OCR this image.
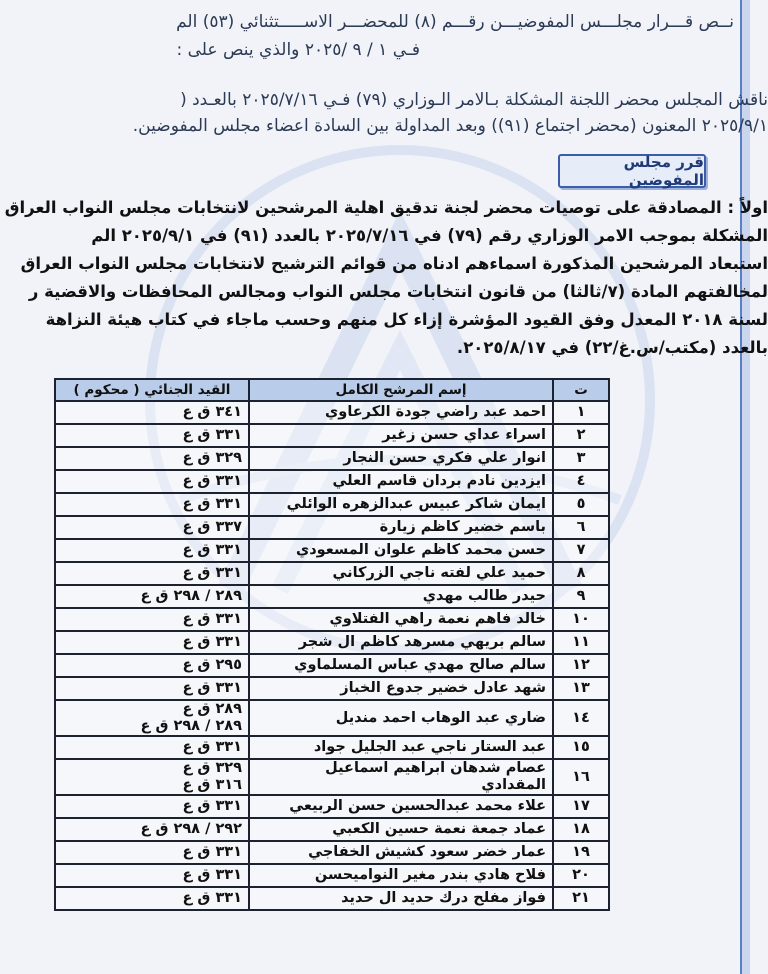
نــص قـــرار مجلـــس المفوضيـــن رقـــم (٨) للمحضـــر الاســـــتثنائي (٥٣) الم
فـي ١ / ٩ /٢٠٢٥ والذي ينص على :
ناقش المجلس محضر اللجنة المشكلة بـالامر الـوزاري (٧٩) فـي ٢٠٢٥/٧/١٦ بالعـدد (
٢٠٢٥/٩/١ المعنون (محضر اجتماع (٩١)) وبعد المداولة بين السادة اعضاء مجلس المفوضين.
قرر مجلس المفوضين
اولاً : المصادقة على توصيات محضر لجنة تدقيق اهلية المرشحين لانتخابات مجلس النواب العراق
المشكلة بموجب الامر الوزاري رقم (٧٩) في ٢٠٢٥/٧/١٦ بالعدد (٩١) في ٢٠٢٥/٩/١ الم
استبعاد المرشحين المذكورة اسماءهم ادناه من قوائم الترشيح لانتخابات مجلس النواب العراق
لمخالفتهم المادة (٧/ثالثا) من قانون انتخابات مجلس النواب ومجالس المحافظات والاقضية ر
لسنة ٢٠١٨ المعدل وفق القيود المؤشرة إزاء كل منهم وحسب ماجاء في كتاب هيئة النزاهة
بالعدد (مكتب/س.غ/٢٢) في ٢٠٢٥/٨/١٧.
ت	إسم المرشح الكامل	القيد الجنائي ( محكوم )
١	احمد عبد راضي جودة الكرعاوي	٣٤١ ق ع

٢	اسراء عداي حسن زغير	٣٣١ ق ع

٣	انوار علي فكري حسن النجار	٣٢٩ ق ع

٤	ايزدين نادم بردان قاسم العلي	٣٣١ ق ع

٥	ايمان شاكر عبيس عبدالزهره الوائلي	٣٣١ ق ع

٦	باسم خضير كاظم زيارة	٣٣٧ ق ع

٧	حسن محمد كاظم علوان المسعودي	٣٣١ ق ع

٨	حميد علي لفته ناجي الزركاني	٣٣١ ق ع

٩	حيدر طالب مهدي	٢٨٩ / ٢٩٨ ق ع

١٠	خالد فاهم نعمة راهي الفتلاوي	٣٣١ ق ع

١١	سالم بريهي مسرهد كاظم ال شجر	٣٣١ ق ع

١٢	سالم صالح مهدي عباس المسلماوي	٢٩٥ ق ع

١٣	شهد عادل خضير جدوع الخباز	٣٣١ ق ع

١٤	ضاري عبد الوهاب احمد منديل	٢٨٩ ق ع
٢٨٩ / ٢٩٨ ق ع

١٥	عبد الستار ناجي عبد الجليل جواد	٣٣١ ق ع

١٦	عصام شدهان ابراهيم اسماعيل المقدادي	٣٢٩ ق ع
٣١٦ ق ع

١٧	علاء محمد عبدالحسين حسن الربيعي	٣٣١ ق ع

١٨	عماد جمعة نعمة حسين الكعبي	٢٩٢ / ٢٩٨ ق ع

١٩	عمار خضر سعود كشيش الخفاجي	٣٣١ ق ع

٢٠	فلاح هادي بندر مغير النواميحسن	٣٣١ ق ع

٢١	فواز مفلح درك حديد ال حديد	٣٣١ ق ع
